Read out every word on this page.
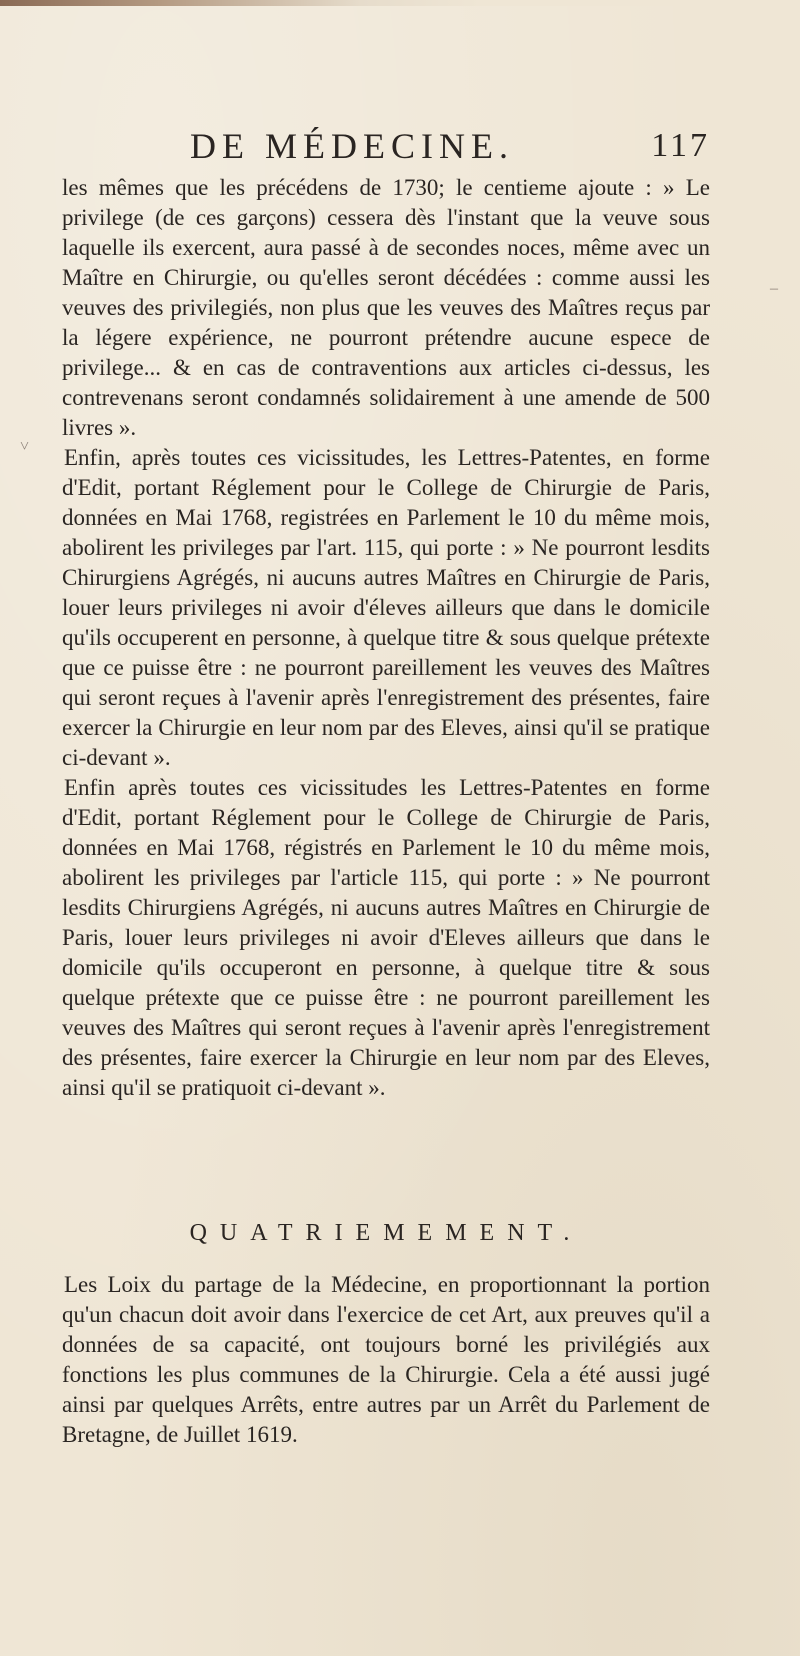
DE MÉDECINE.	117

les mêmes que les précédens de 1730; le centieme ajoute : » Le privilege (de ces garçons) cessera dès l'instant que la veuve sous laquelle ils exercent, aura passé à de secondes noces, même avec un Maître en Chirurgie, ou qu'elles seront décédées : comme aussi les veuves des privilegiés, non plus que les veuves des Maîtres reçus par la légere expérience, ne pourront prétendre aucune espece de privilege... & en cas de contraventions aux articles ci-dessus, les contrevenans seront condamnés solidairement à une amende de 500 livres ».

Enfin, après toutes ces vicissitudes, les Lettres-Patentes, en forme d'Edit, portant Réglement pour le College de Chirurgie de Paris, données en Mai 1768, registrées en Parlement le 10 du même mois, abolirent les privileges par l'art. 115, qui porte : » Ne pourront lesdits Chirurgiens Agrégés, ni aucuns autres Maîtres en Chirurgie de Paris, louer leurs privileges ni avoir d'éleves ailleurs que dans le domicile qu'ils occuperent en personne, à quelque titre & sous quelque prétexte que ce puisse être : ne pourront pareillement les veuves des Maîtres qui seront reçues à l'avenir après l'enregistrement des présentes, faire exercer la Chirurgie en leur nom par des Eleves, ainsi qu'il se pratique ci-devant ».

Enfin après toutes ces vicissitudes les Lettres-Patentes en forme d'Edit, portant Réglement pour le College de Chirurgie de Paris, données en Mai 1768, régistrés en Parlement le 10 du même mois, abolirent les privileges par l'article 115, qui porte : » Ne pourront lesdits Chirurgiens Agrégés, ni aucuns autres Maîtres en Chirurgie de Paris, louer leurs privileges ni avoir d'Eleves ailleurs que dans le domicile qu'ils occuperont en personne, à quelque titre & sous quelque prétexte que ce puisse être : ne pourront pareillement les veuves des Maîtres qui seront reçues à l'avenir après l'enregistrement des présentes, faire exercer la Chirurgie en leur nom par des Eleves, ainsi qu'il se pratiquoit ci-devant ».

QUATRIEMEMENT.

Les Loix du partage de la Médecine, en proportionnant la portion qu'un chacun doit avoir dans l'exercice de cet Art, aux preuves qu'il a données de sa capacité, ont toujours borné les privilégiés aux fonctions les plus communes de la Chirurgie. Cela a été aussi jugé ainsi par quelques Arrêts, entre autres par un Arrêt du Parlement de Bretagne, de Juillet 1619.

–
˅
